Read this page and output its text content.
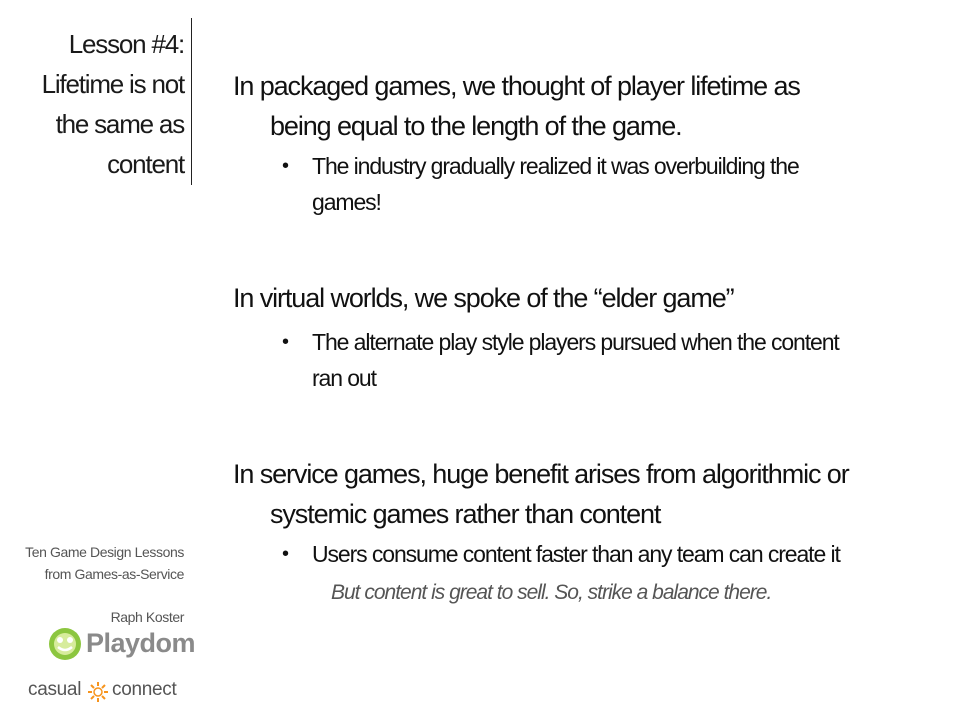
Lesson #4:
Lifetime is not
the same as
content

In packaged games, we thought of player lifetime as
being equal to the length of the game.

• The industry gradually realized it was overbuilding the
games!

In virtual worlds, we spoke of the “elder game”

• The alternate play style players pursued when the content
ran out

In service games, huge benefit arises from algorithmic or
systemic games rather than content

• Users consume content faster than any team can create it
But content is great to sell. So, strike a balance there.
Ten Game Design Lessons
from Games-as-Service
Raph Koster
Playdom
casual connect
